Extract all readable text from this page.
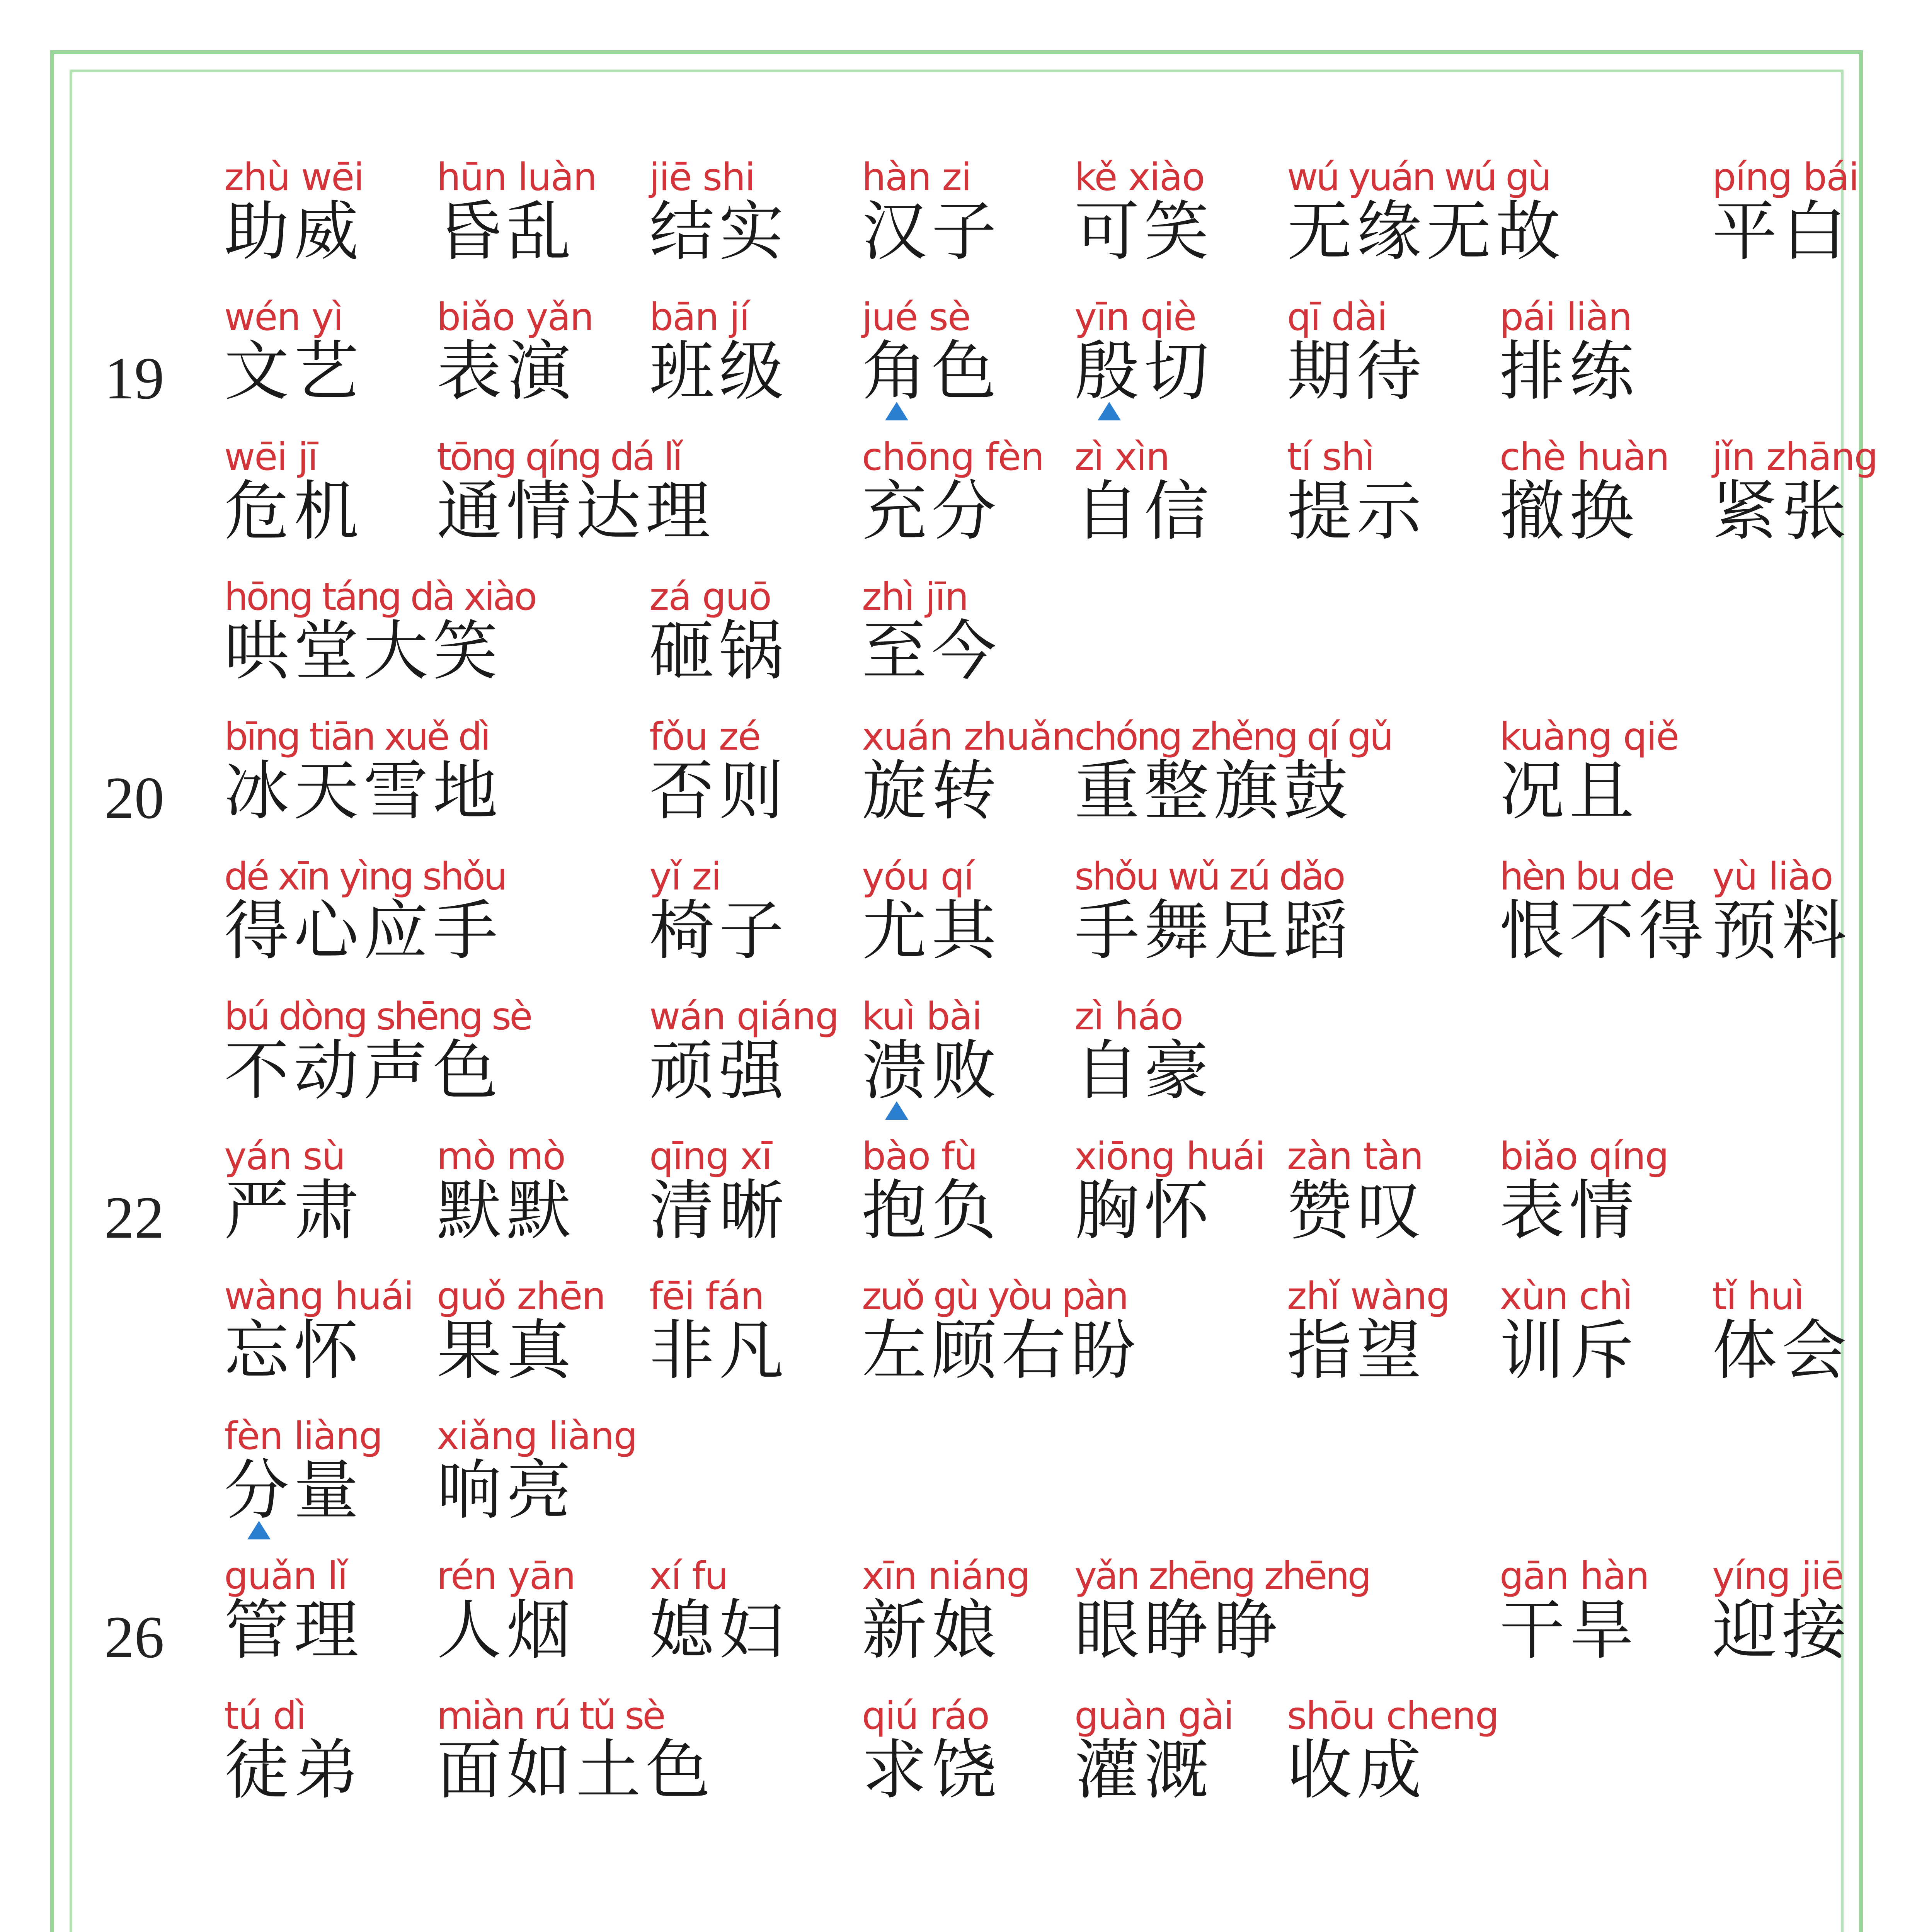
zhù wēi
助威
hūn luàn
昏乱
jiē shi
结实
hàn zi
汉子
kě xiào
可笑
wú yuán wú gù
无缘无故
píng bái
平白
19
wén yì
文艺
biǎo yǎn
表演
bān jí
班级
jué sè
角色
yīn qiè
殷切
qī dài
期待
pái liàn
排练
wēi jī
危机
tōng qíng dá lǐ
通情达理
chōng fèn
充分
zì xìn
自信
tí shì
提示
chè huàn
撤换
jǐn zhāng
紧张
hōng táng dà xiào
哄堂大笑
zá guō
砸锅
zhì jīn
至今
20
bīng tiān xuě dì
冰天雪地
fǒu zé
否则
xuán zhuǎn
旋转
chóng zhěng qí gǔ
重整旗鼓
kuàng qiě
况且
dé xīn yìng shǒu
得心应手
yǐ zi
椅子
yóu qí
尤其
shǒu wǔ zú dǎo
手舞足蹈
hèn bu de
恨不得
yù liào
预料
bú dòng shēng sè
不动声色
wán qiáng
顽强
kuì bài
溃败
zì háo
自豪
22
yán sù
严肃
mò mò
默默
qīng xī
清晰
bào fù
抱负
xiōng huái
胸怀
zàn tàn
赞叹
biǎo qíng
表情
wàng huái
忘怀
guǒ zhēn
果真
fēi fán
非凡
zuǒ gù yòu pàn
左顾右盼
zhǐ wàng
指望
xùn chì
训斥
tǐ huì
体会
fèn liàng
分量
xiǎng liàng
响亮
26
guǎn lǐ
管理
rén yān
人烟
xí fu
媳妇
xīn niáng
新娘
yǎn zhēng zhēng
眼睁睁
gān hàn
干旱
yíng jiē
迎接
tú dì
徒弟
miàn rú tǔ sè
面如土色
qiú ráo
求饶
guàn gài
灌溉
shōu cheng
收成
